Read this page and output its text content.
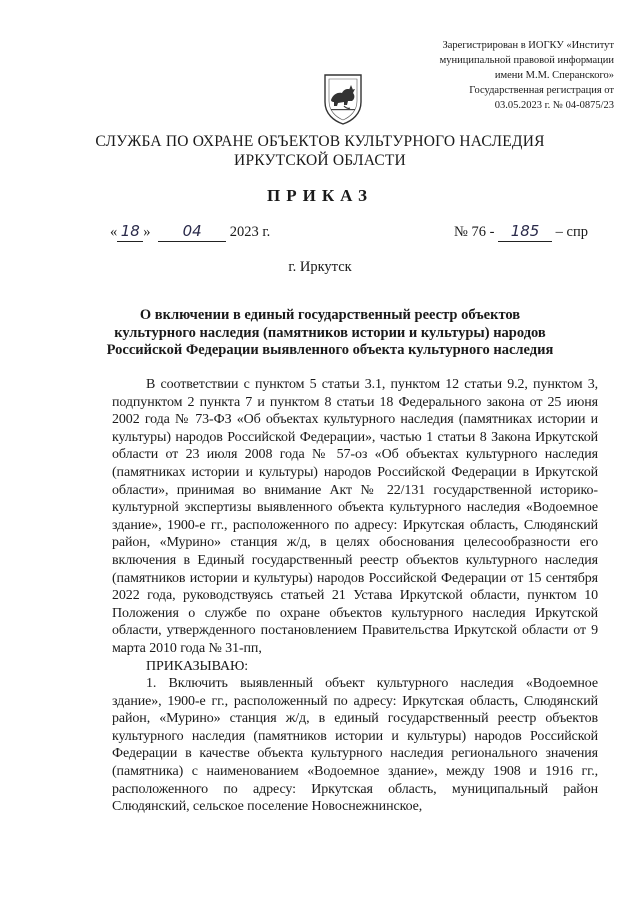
Зарегистрирован в ИОГКУ «Институт
муниципальной правовой информации
имени М.М. Сперанского»
Государственная регистрация от
03.05.2023 г. № 04-0875/23
СЛУЖБА ПО ОХРАНЕ ОБЪЕКТОВ КУЛЬТУРНОГО НАСЛЕДИЯ
ИРКУТСКОЙ ОБЛАСТИ
ПРИКАЗ
« 18 » 04 2023 г.	№ 76 - 185 – спр
г. Иркутск
О включении в единый государственный реестр объектов культурного наследия (памятников истории и культуры) народов Российской Федерации выявленного объекта культурного наследия

В соответствии с пунктом 5 статьи 3.1, пунктом 12 статьи 9.2, пунктом 3, подпунктом 2 пункта 7 и пунктом 8 статьи 18 Федерального закона от 25 июня 2002 года № 73-ФЗ «Об объектах культурного наследия (памятниках истории и культуры) народов Российской Федерации», частью 1 статьи 8 Закона Иркутской области от 23 июля 2008 года № 57-оз «Об объектах культурного наследия (памятниках истории и культуры) народов Российской Федерации в Иркутской области», принимая во внимание Акт № 22/131 государственной историко-культурной экспертизы выявленного объекта культурного наследия «Водоемное здание», 1900-е гг., расположенного по адресу: Иркутская область, Слюдянский район, «Мурино» станция ж/д, в целях обоснования целесообразности его включения в Единый государственный реестр объектов культурного наследия (памятников истории и культуры) народов Российской Федерации от 15 сентября 2022 года, руководствуясь статьей 21 Устава Иркутской области, пунктом 10 Положения о службе по охране объектов культурного наследия Иркутской области, утвержденного постановлением Правительства Иркутской области от 9 марта 2010 года № 31-пп,

ПРИКАЗЫВАЮ:

1. Включить выявленный объект культурного наследия «Водоемное здание», 1900-е гг., расположенный по адресу: Иркутская область, Слюдянский район, «Мурино» станция ж/д, в единый государственный реестр объектов культурного наследия (памятников истории и культуры) народов Российской Федерации в качестве объекта культурного наследия регионального значения (памятника) с наименованием «Водоемное здание», между 1908 и 1916 гг., расположенного по адресу: Иркутская область, муниципальный район Слюдянский, сельское поселение Новоснежнинское,
